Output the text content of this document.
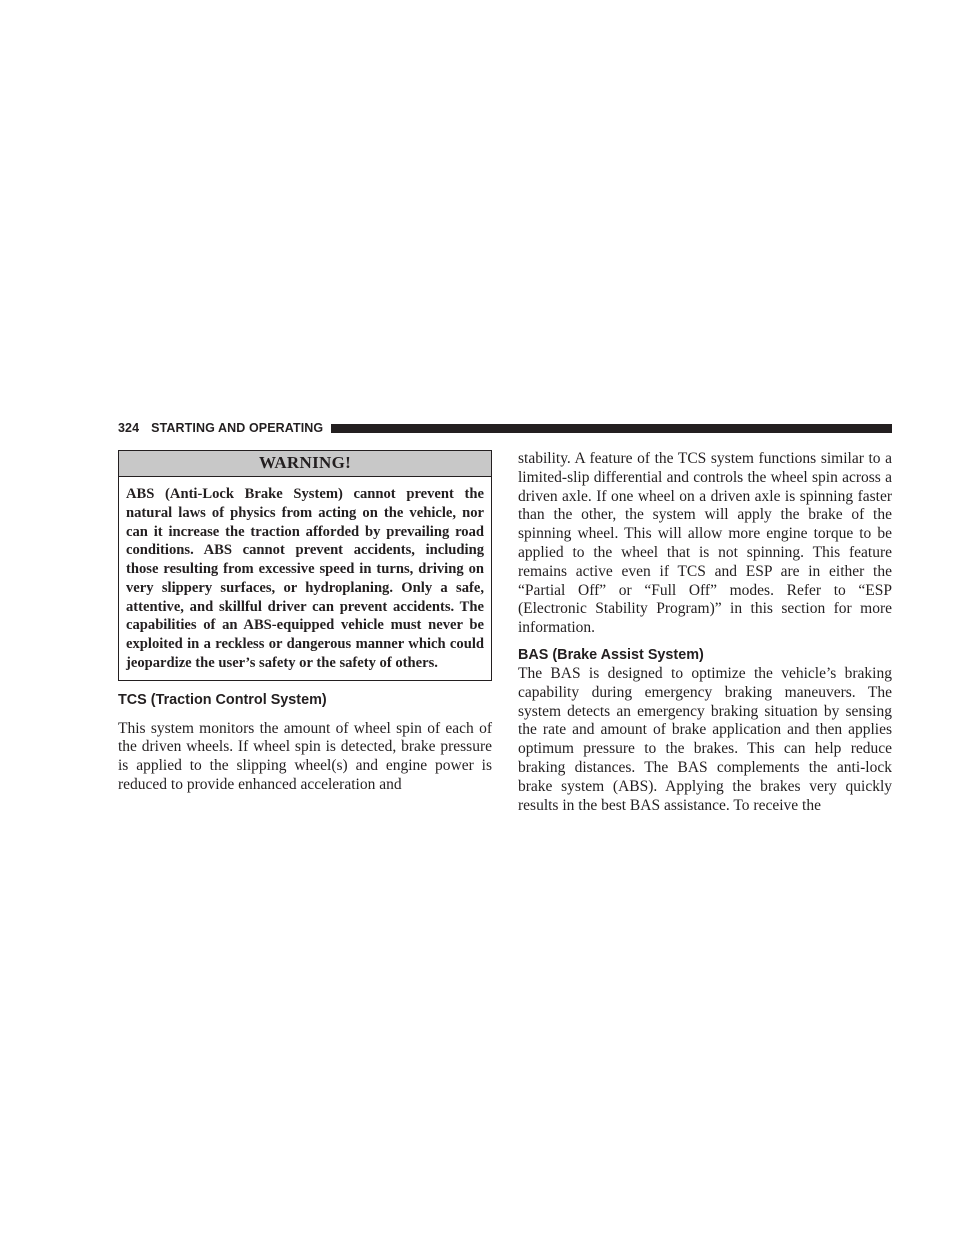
324 STARTING AND OPERATING
WARNING!
ABS (Anti-Lock Brake System) cannot prevent the natural laws of physics from acting on the vehicle, nor can it increase the traction afforded by prevailing road conditions. ABS cannot prevent accidents, including those resulting from excessive speed in turns, driving on very slippery surfaces, or hydroplaning. Only a safe, attentive, and skillful driver can prevent accidents. The capabilities of an ABS-equipped vehicle must never be exploited in a reckless or dangerous manner which could jeopardize the user’s safety or the safety of others.
TCS (Traction Control System)

This system monitors the amount of wheel spin of each of the driven wheels. If wheel spin is detected, brake pressure is applied to the slipping wheel(s) and engine power is reduced to provide enhanced acceleration and

stability. A feature of the TCS system functions similar to a limited-slip differential and controls the wheel spin across a driven axle. If one wheel on a driven axle is spinning faster than the other, the system will apply the brake of the spinning wheel. This will allow more engine torque to be applied to the wheel that is not spinning. This feature remains active even if TCS and ESP are in either the “Partial Off” or “Full Off” modes. Refer to “ESP (Electronic Stability Program)” in this section for more information.

BAS (Brake Assist System)

The BAS is designed to optimize the vehicle’s braking capability during emergency braking maneuvers. The system detects an emergency braking situation by sensing the rate and amount of brake application and then applies optimum pressure to the brakes. This can help reduce braking distances. The BAS complements the anti-lock brake system (ABS). Applying the brakes very quickly results in the best BAS assistance. To receive the
